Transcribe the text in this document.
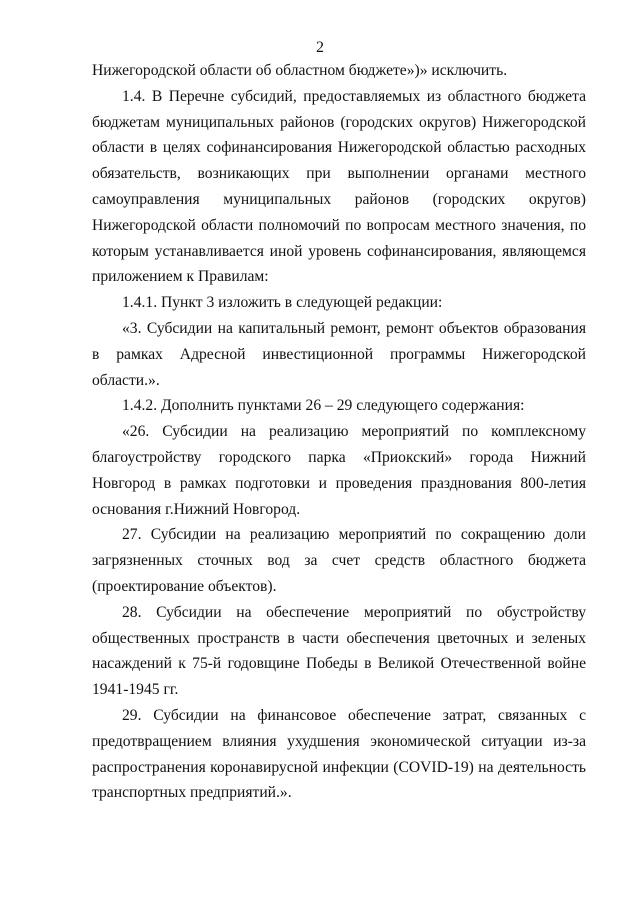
2

Нижегородской области об областном бюджете»)» исключить.

1.4. В Перечне субсидий, предоставляемых из областного бюджета бюджетам муниципальных районов (городских округов) Нижегородской области в целях софинансирования Нижегородской областью расходных обязательств, возникающих при выполнении органами местного самоуправления муниципальных районов (городских округов) Нижегородской области полномочий по вопросам местного значения, по которым устанавливается иной уровень софинансирования, являющемся приложением к Правилам:

1.4.1. Пункт 3 изложить в следующей редакции:

«3. Субсидии на капитальный ремонт, ремонт объектов образования в рамках Адресной инвестиционной программы Нижегородской области.».

1.4.2. Дополнить пунктами 26 – 29 следующего содержания:

«26. Субсидии на реализацию мероприятий по комплексному благоустройству городского парка «Приокский» города Нижний Новгород в рамках подготовки и проведения празднования 800-летия основания г.Нижний Новгород.

27. Субсидии на реализацию мероприятий по сокращению доли загрязненных сточных вод за счет средств областного бюджета (проектирование объектов).

28. Субсидии на обеспечение мероприятий по обустройству общественных пространств в части обеспечения цветочных и зеленых насаждений к 75-й годовщине Победы в Великой Отечественной войне 1941-1945 гг.

29. Субсидии на финансовое обеспечение затрат, связанных с предотвращением влияния ухудшения экономической ситуации из-за распространения коронавирусной инфекции (COVID-19) на деятельность транспортных предприятий.».
